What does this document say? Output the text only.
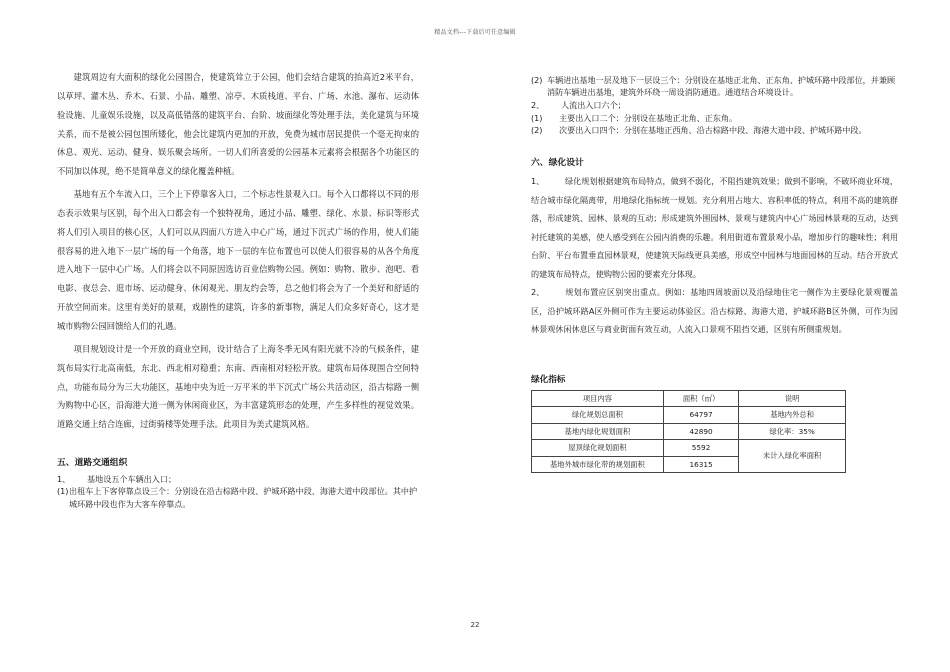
精品文档---下载后可任意编辑

建筑周边有大面积的绿化公园围合，使建筑耸立于公园，他们会结合建筑的抬高近2米平台，以草坪、灌木丛、乔木、石景、小品、雕塑、凉亭、木质栈道、平台、广场、水池、瀑布、运动体验设施、儿童娱乐设施，以及高低错落的建筑平台、台阶、坡面绿化等处理手法，美化建筑与环境关系，而不是被公园包围所矮化，他会比建筑内更加的开放，免费为城市居民提供一个毫无拘束的休息、观光、运动、健身、娱乐聚会场所。一切人们所喜爱的公园基本元素将会根据各个功能区的不同加以体现，绝不是简单意义的绿化覆盖种植。

基地有五个车流入口，三个上下停靠客入口，二个标志性景观入口。每个入口都将以不同的形态表示效果与区别，每个出入口都会有一个独特视角，通过小品、雕塑、绿化、水景、标识等形式将人们引入项目的核心区，人们可以从四面八方进入中心广场，通过下沉式广场的作用，使人们能很容易的进入地下一层广场的每一个角落，地下一层的车位布置也可以使人们很容易的从各个角度进入地下一层中心广场。人们将会以不同原因选访百业信购物公园。例如：购物、散步、泡吧、看电影、夜总会、逛市场、运动健身、休闲观光、朋友约会等，总之他们将会为了一个美好和舒适的开放空间而来。这里有美好的景观，戏剧性的建筑，许多的新事物，满足人们众多好奇心，这才是城市购物公园回馈给人们的礼遇。

项目规划设计是一个开放的商业空间，设计结合了上海冬季无风有阳光就不冷的气候条件，建筑布局实行北高南低，东北、西北相对稳重；东南、西南相对轻松开放。建筑布局体现围合空间特点，功能布局分为三大功能区，基地中央为近一万平米的半下沉式广场公共活动区，沿古棕路一侧为购物中心区，沿海港大道一侧为休闲商业区，为丰富建筑形态的处理，产生多样性的视觉效果。道路交通上结合连廊，过街骑楼等处理手法。此项目为美式建筑风格。

五、道路交通组织

1、 基地设五个车辆出入口；
(1) 出租车上下客停靠点设三个：分别设在沿古棕路中段、护城环路中段、海港大道中段部位。其中护城环路中段也作为大客车停靠点。
(2) 车辆进出基地一层及地下一层设三个：分别设在基地正北角、正东角、护城环路中段部位，并兼顾消防车辆进出基地，建筑外环绕一周设消防通道。通道结合环境设计。
2、 人流出入口六个；
(1) 主要出入口二个：分别设在基地正北角、正东角。
(2) 次要出入口四个：分别在基地正西角、沿古棕路中段、海港大道中段、护城环路中段。

六、绿化设计

1、	绿化规划根据建筑布局特点，做到不弱化，不阻挡建筑效果；做到不影响，不破环商业环境，结合城市绿化隔离带，用地绿化指标统一规划。充分利用占地大、容积率低的特点，利用不高的建筑群落，形成建筑、园林、景观的互动；形成建筑外围园林、景观与建筑内中心广场园林景观的互动，达到衬托建筑的美感，使人感受到在公园内消费的乐趣。利用街道布置景观小品，增加步行的趣味性；利用台阶、平台布置垂直园林景观，使建筑天际线更具美感，形成空中园林与地面园林的互动。结合开放式的建筑布局特点，使购物公园的要素充分体现。

2、	规划布置应区别突出重点。例如：基地四周坡面以及沿绿地住宅一侧作为主要绿化景观覆盖区，沿护城环路A区外侧可作为主要运动体验区。沿古棕路、海港大道、护城环路B区外侧，可作为园林景观休闲休息区与商业街面有效互动，人流入口景观不阻挡交通，区别有所侧重规划。

绿化指标

项目内容	面积（㎡）	说明
绿化规划总面积	64797	基地内外总和
基地内绿化规划面积	42890	绿化率：35%
屋顶绿化规划面积	5592	未计入绿化率面积
基地外城市绿化带的规划面积	16315	
22
